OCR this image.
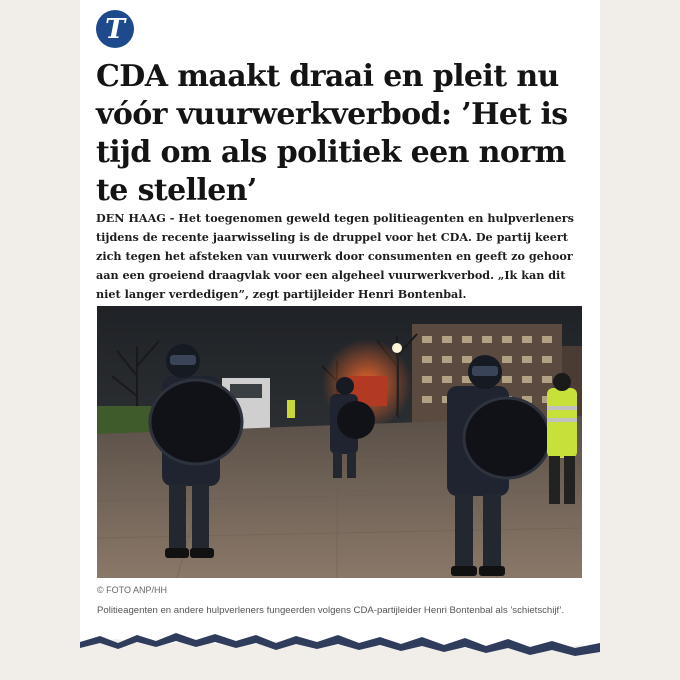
T
CDA maakt draai en pleit nu vóór vuurwerkverbod: ’Het is tijd om als politiek een norm te stellen’

DEN HAAG - Het toegenomen geweld tegen politieagenten en hulpverleners tijdens de recente jaarwisseling is de druppel voor het CDA. De partij keert zich tegen het afsteken van vuurwerk door consumenten en geeft zo gehoor aan een groeiend draagvlak voor een algeheel vuurwerkverbod. „Ik kan dit niet langer verdedigen”, zegt partijleider Henri Bontenbal.

© FOTO ANP/HH

Politieagenten en andere hulpverleners fungeerden volgens CDA-partijleider Henri Bontenbal als ’schietschijf’.
